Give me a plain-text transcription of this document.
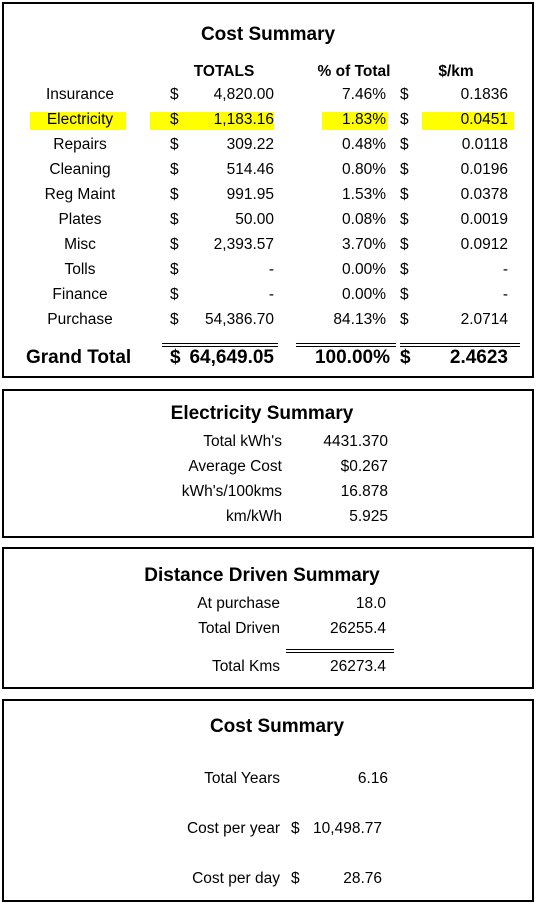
Cost Summary
TOTALS	% of Total	$/km
Insurance	$ 4,820.00	7.46% $	0.1836
Electricity	$ 1,183.16	1.83% $	0.0451
Repairs	$	309.22	0.48% $	0.0118
Cleaning	$	514.46	0.80% $	0.0196
Reg Maint	$	991.95	1.53% $	0.0378
Plates	$	50.00	0.08% $	0.0019
Misc	$ 2,393.57	3.70% $	0.0912
Tolls	$	-	0.00% $	-
Finance	$	-	0.00% $	-
Purchase	$ 54,386.70	84.13% $	2.0714
Grand Total $ 64,649.05 100.00% $ 2.4623
Electricity Summary
Total kWh's	4431.370
Average Cost	$0.267
kWh's/100kms	16.878
km/kWh	5.925
Distance Driven Summary
At purchase	18.0
Total Driven	26255.4
Total Kms	26273.4
Cost Summary
Total Years	6.16
Cost per year $ 10,498.77
Cost per day $	28.76
